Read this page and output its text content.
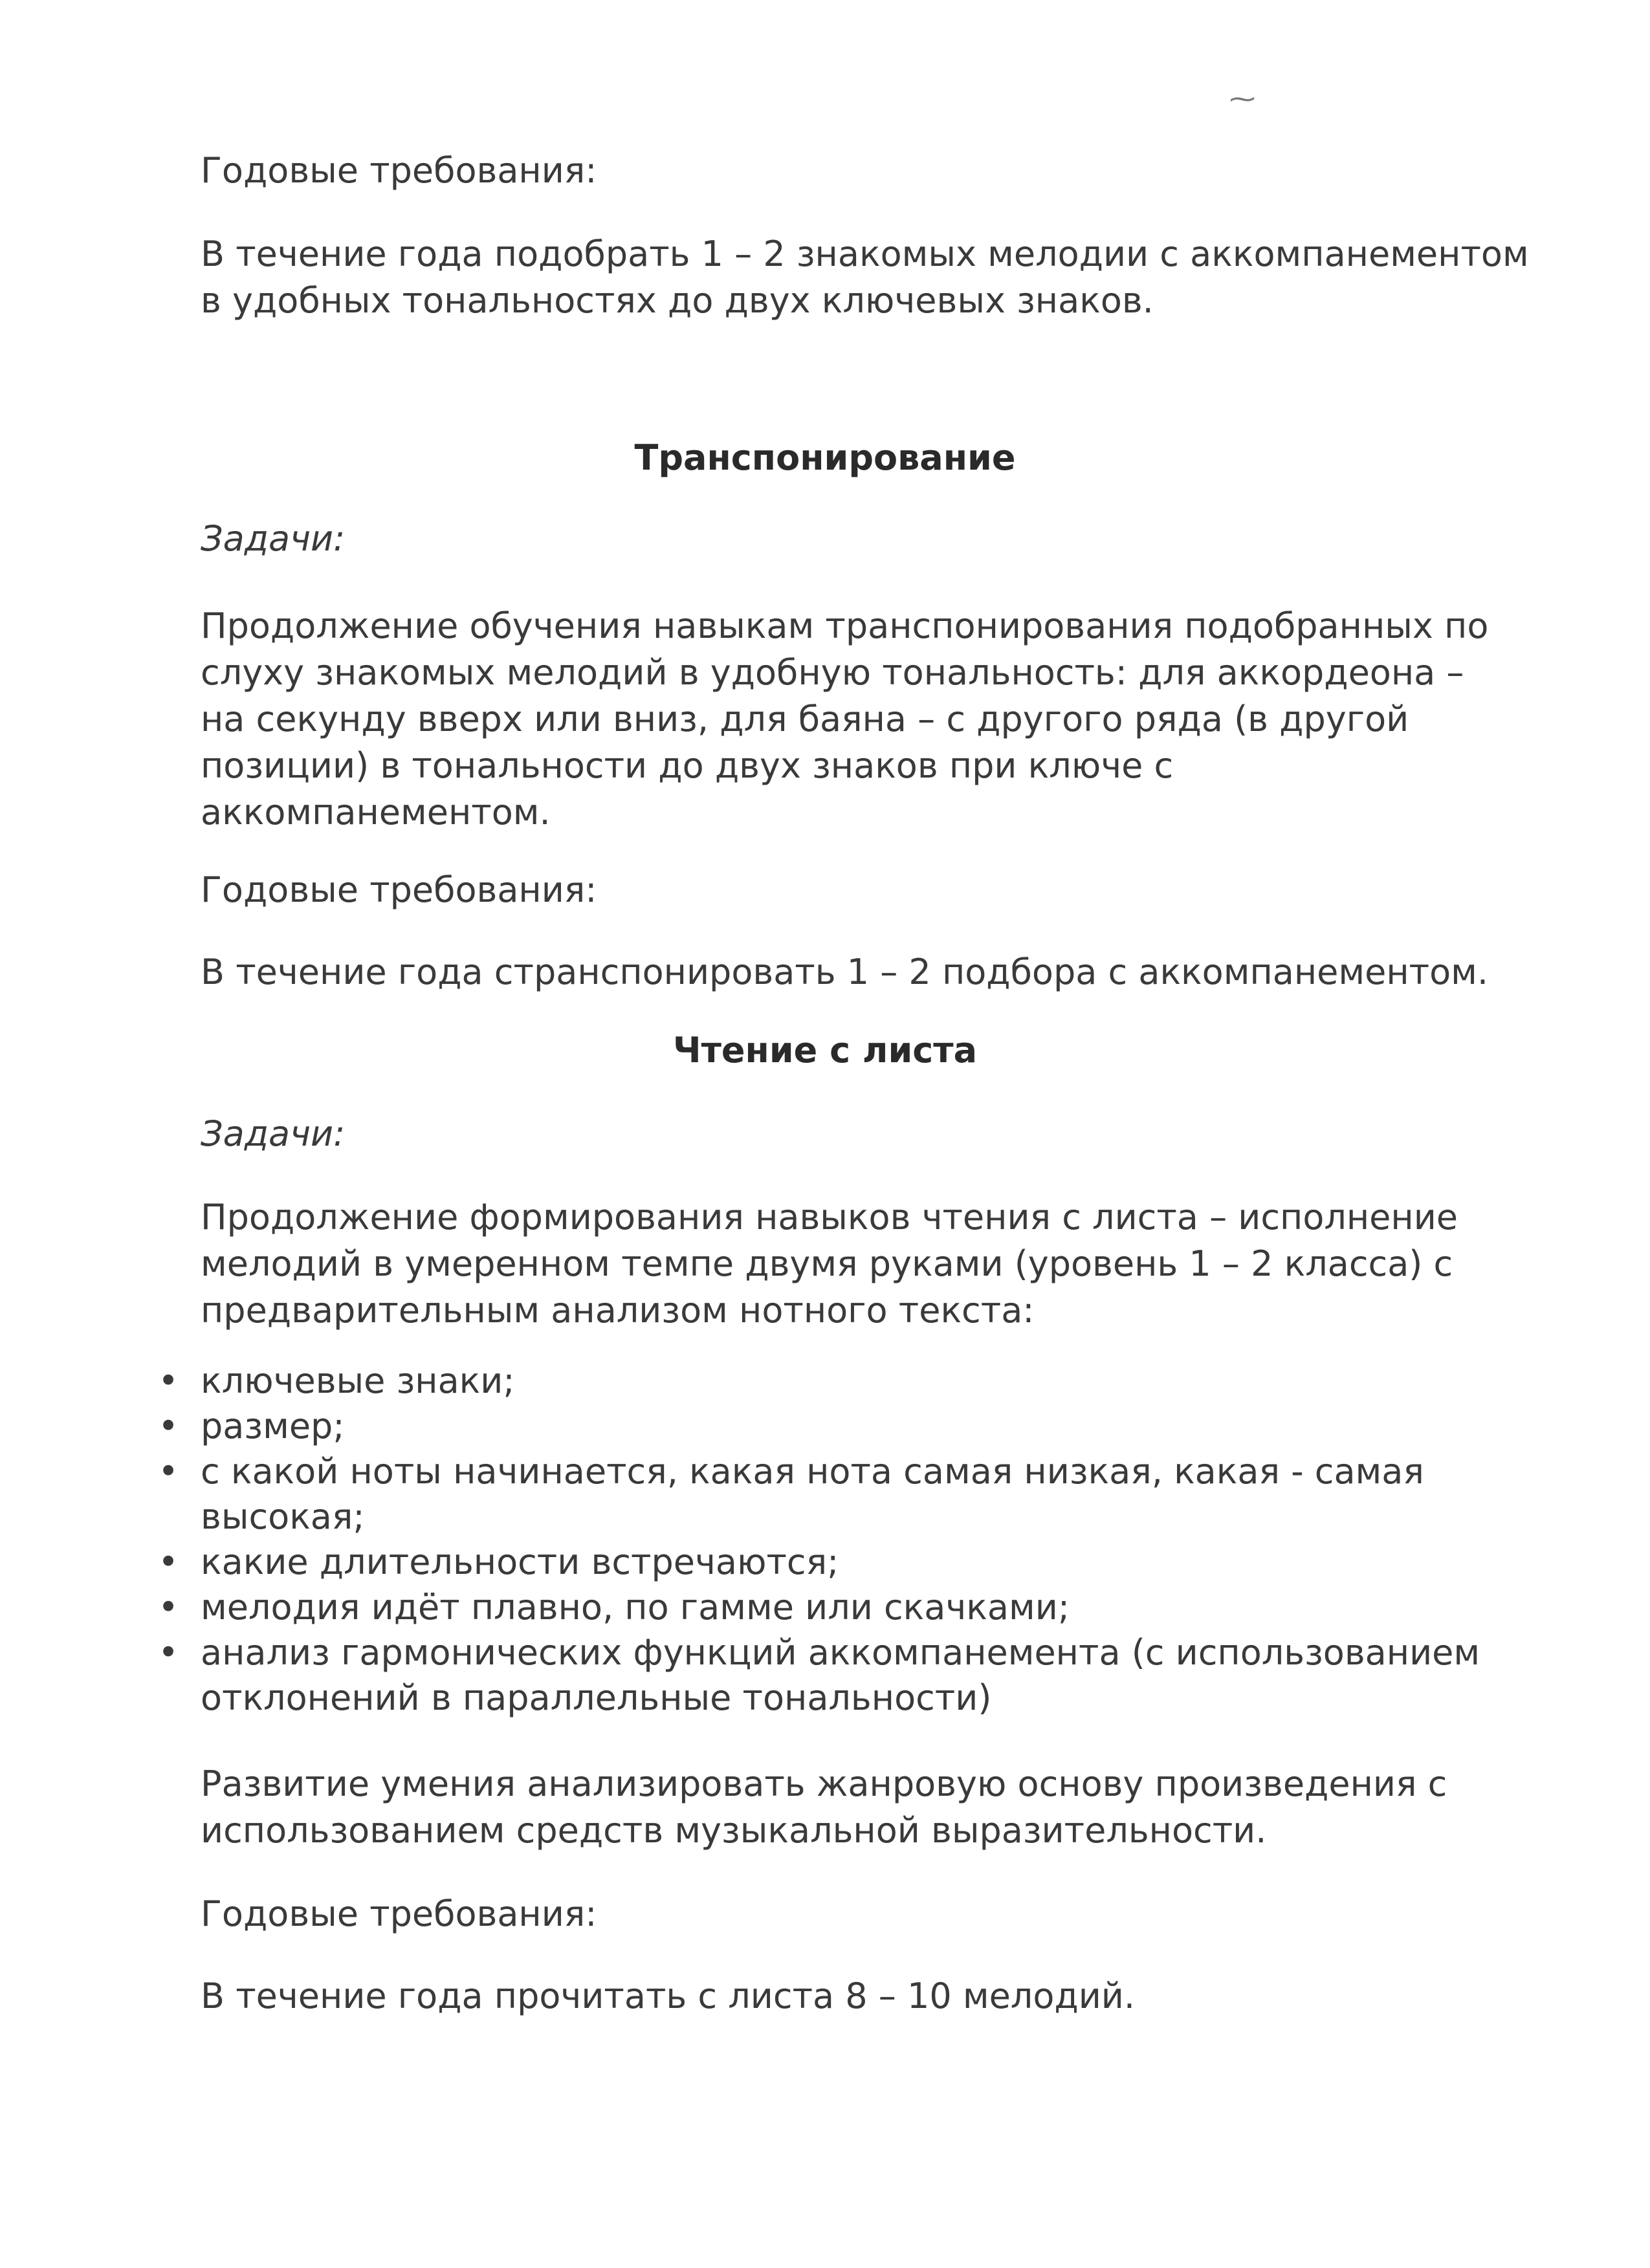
⁓

Годовые требования:

В течение года подобрать 1 – 2 знакомых мелодии с аккомпанементом

в удобных тональностях до двух ключевых знаков.

Транспонирование

Задачи:

Продолжение обучения навыкам транспонирования подобранных по

слуху знакомых мелодий в удобную тональность: для аккордеона –

на секунду вверх или вниз, для баяна – с другого ряда (в другой

позиции) в тональности до двух знаков при ключе с

аккомпанементом.

Годовые требования:

В течение года странспонировать 1 – 2 подбора с аккомпанементом.

Чтение с листа

Задачи:

Продолжение формирования навыков чтения с листа – исполнение

мелодий в умеренном темпе двумя руками (уровень 1 – 2 класса) с

предварительным анализом нотного текста:

• ключевые знаки;
• размер;
• с какой ноты начинается, какая нота самая низкая, какая - самая
высокая;
• какие длительности встречаются;
• мелодия идёт плавно, по гамме или скачками;
• анализ гармонических функций аккомпанемента (с использованием
отклонений в параллельные тональности)

Развитие умения анализировать жанровую основу произведения с

использованием средств музыкальной выразительности.

Годовые требования:

В течение года прочитать с листа 8 – 10 мелодий.
